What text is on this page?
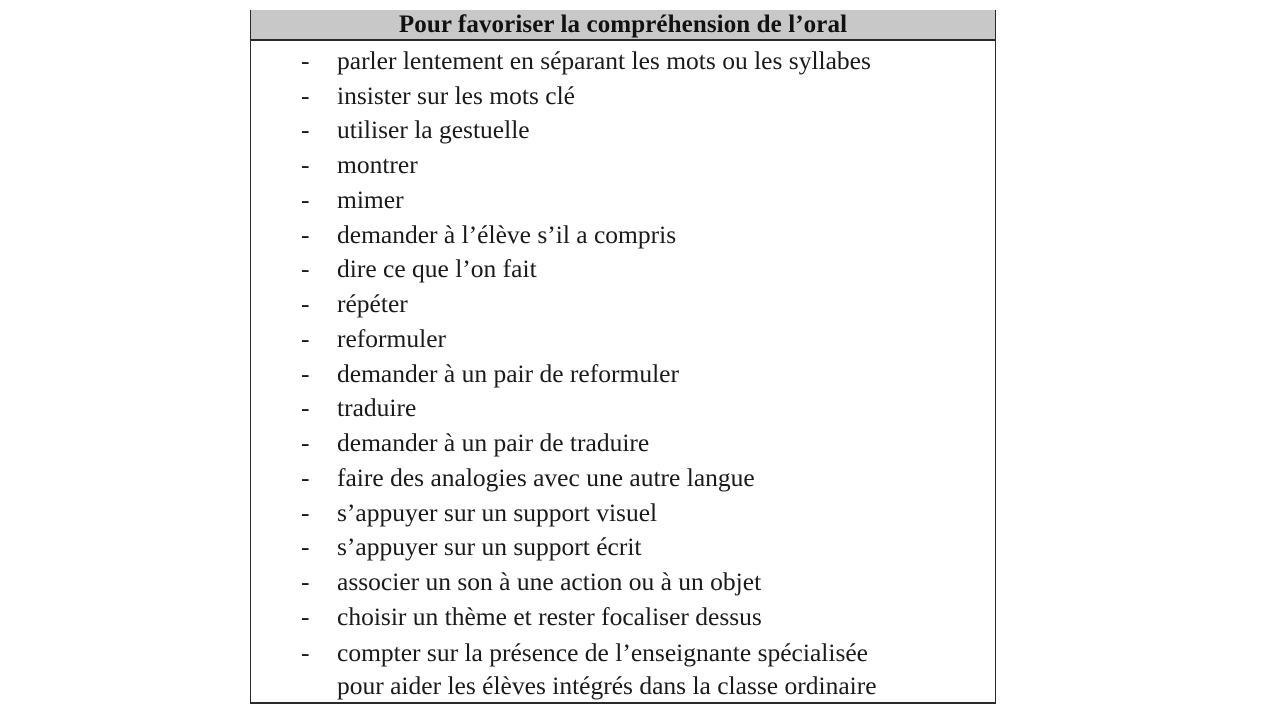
Pour favoriser la compréhension de l’oral
- parler lentement en séparant les mots ou les syllabes
- insister sur les mots clé
- utiliser la gestuelle
- montrer
- mimer
- demander à l’élève s’il a compris
- dire ce que l’on fait
- répéter
- reformuler
- demander à un pair de reformuler
- traduire
- demander à un pair de traduire
- faire des analogies avec une autre langue
- s’appuyer sur un support visuel
- s’appuyer sur un support écrit
- associer un son à une action ou à un objet
- choisir un thème et rester focaliser dessus
- compter sur la présence de l’enseignante spécialisée
pour aider les élèves intégrés dans la classe ordinaire
